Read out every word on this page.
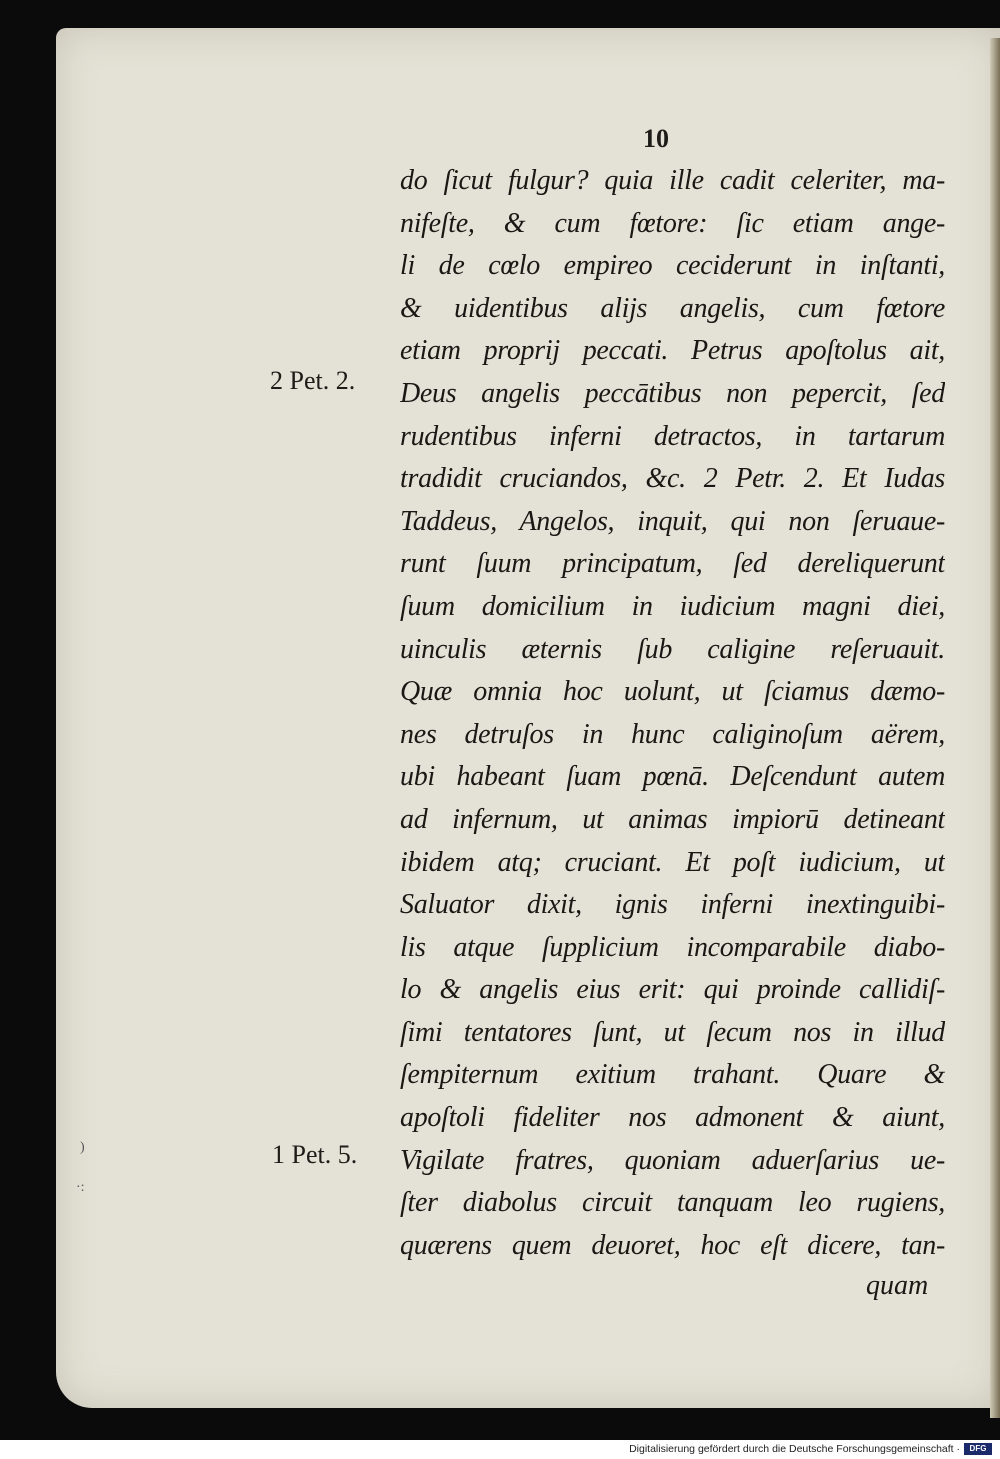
)
·:
10
2 Pet. 2.
1 Pet. 5.
do ſicut fulgur? quia ille cadit celeriter, ma-
nifeſte, & cum fœtore: ſic etiam ange-
li de cœlo empireo ceciderunt in inſtanti,
& uidentibus alijs angelis, cum fœtore
etiam proprij peccati. Petrus apoſtolus ait,
Deus angelis peccātibus non pepercit, ſed
rudentibus inferni detractos, in tartarum
tradidit cruciandos, &c. 2 Petr. 2. Et Iudas
Taddeus, Angelos, inquit, qui non ſeruaue-
runt ſuum principatum, ſed dereliquerunt
ſuum domicilium in iudicium magni diei,
uinculis æternis ſub caligine reſeruauit.
Quæ omnia hoc uolunt, ut ſciamus dæmo-
nes detruſos in hunc caliginoſum aërem,
ubi habeant ſuam pœnā. Deſcendunt autem
ad infernum, ut animas impiorū detineant
ibidem atq; cruciant. Et poſt iudicium, ut
Saluator dixit, ignis inferni inextinguibi-
lis atque ſupplicium incomparabile diabo-
lo & angelis eius erit: qui proinde callidiſ-
ſimi tentatores ſunt, ut ſecum nos in illud
ſempiternum exitium trahant. Quare &
apoſtoli fideliter nos admonent & aiunt,
Vigilate fratres, quoniam aduerſarius ue-
ſter diabolus circuit tanquam leo rugiens,
quærens quem deuoret, hoc eſt dicere, tan-
quam
Digitalisierung gefördert durch die Deutsche Forschungsgemeinschaft ·	DFG
